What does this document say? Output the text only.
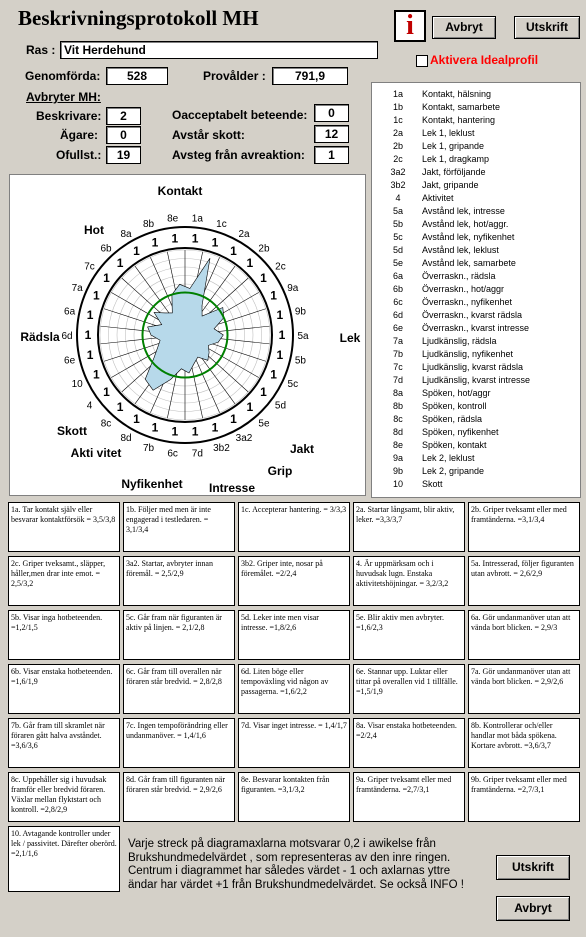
Beskrivningsprotokoll MH	i	Avbryt	Utskrift
Aktivera Idealprofil
Ras : Vit Herdehund
Genomförda:	528	Provålder :	791,9
Avbryter MH:
Beskrivare:	2
Ägare:	0
Ofullst.:	19
Oacceptabelt beteende:	0
Avstår skott:	12
Avsteg från avreaktion:	1
1a	Kontakt, hälsning
1b	Kontakt, samarbete
1c	Kontakt, hantering
2a	Lek 1, leklust
2b	Lek 1, gripande
2c	Lek 1, dragkamp
3a2	Jakt, förföljande
3b2	Jakt, gripande
4	Aktivitet
5a	Avstånd lek, intresse
5b	Avstånd lek, hot/aggr.
5c	Avstånd lek, nyfikenhet
5d	Avstånd lek, leklust
5e	Avstånd lek, samarbete
6a	Överraskn., rädsla
6b	Överraskn., hot/aggr
6c	Överraskn., nyfikenhet
6d	Överraskn., kvarst rädsla
6e	Överraskn., kvarst intresse
7a	Ljudkänslig, rädsla
7b	Ljudkänslig, nyfikenhet
7c	Ljudkänslig, kvarst rädsla
7d	Ljudkänslig, kvarst intresse
8a	Spöken, hot/aggr
8b	Spöken, kontroll
8c	Spöken, rädsla
8d	Spöken, nyfikenhet
8e	Spöken, kontakt
9a	Lek 2, leklust
9b	Lek 2, gripande
10	Skott
1 1
1
1
1
1
1
1
1
1
1
1
1
1
1
1
1
1
1
1
1
1
1
1
1
1
1
1
1 1
1a 1c
2a
2b
2c
9a
9b
5a
5b
5c
5d
5e
3a2
3b2
7d
6c
7b
8d
8c
4
10
6e
6d
6a
7a
7c
6b
8a
8b 8e
Kontakt
Lek
Jakt
Grip
Intresse
Nyfikenhet
Akti vitet
Skott
Rädsla
Hot
1a. Tar kontakt själv eller besvarar kontaktförsök = 3,5/3,8
1b. Följer med men är inte engagerad i testledaren. = 3,1/3,4
1c. Accepterar hantering. = 3/3,3	2a. Startar långsamt, blir aktiv, leker. =3,3/3,7
2b. Griper tveksamt eller med framtänderna. =3,1/3,4
2c. Griper tveksamt., släpper, håller,men drar inte emot. = 2,5/3,2
3a2. Startar, avbryter innan föremål. = 2,5/2,9
3b2. Griper inte, nosar på föremålet. =2/2,4
4. Är uppmärksam och i huvudsak lugn. Enstaka aktivitetshöjningar. = 3,2/3,2
5a. Intresserad, följer figuranten utan avbrott. = 2,6/2,9
5b. Visar inga hotbeteenden. =1,2/1,5
5c. Går fram när figuranten är aktiv på linjen. = 2,1/2,8
5d. Leker inte men visar intresse. =1,8/2,6
5e. Blir aktiv men avbryter. =1,6/2,3
6a. Gör undanmanöver utan att vända bort blicken. = 2,9/3
6b. Visar enstaka hotbeteenden. =1,6/1,9
6c. Går fram till overallen när föraren står bredvid. = 2,8/2,8
6d. Liten böge eller tempoväxling vid någon av passagerna. =1,6/2,2
6e. Stannar upp. Luktar eller tittar på overallen vid 1 tillfälle. =1,5/1,9
7a. Gör undanmanöver utan att vända bort blicken. = 2,9/2,6
7b. Går fram till skramlet när föraren gått halva avståndet. =3,6/3,6
7c. Ingen tempoförändring eller undanmanöver. = 1,4/1,6
7d. Visar inget intresse. = 1,4/1,7	8a. Visar enstaka hotbeteenden. =2/2,4
8b. Kontrollerar och/eller handlar mot båda spökena. Kortare avbrott. =3,6/3,7
8c. Uppehåller sig i huvudsak framför eller bredvid föraren. Växlar mellan flyktstart och kontroll. =2,8/2,9
8d. Går fram till figuranten när föraren står bredvid. = 2,9/2,6
8e. Besvarar kontakten från figuranten. =3,1/3,2
9a. Griper tveksamt eller med framtänderna. =2,7/3,1
9b. Griper tveksamt eller med framtänderna. =2,7/3,1
10. Avtagande kontroller under lek / passivitet. Därefter oberörd. =2,1/1,6
Varje streck på diagramaxlarna motsvarar 0,2 i awikelse från Brukshundmedelvärdet , som representeras av den inre ringen. Centrum i diagrammet har således värdet - 1 och axlarnas yttre ändar har värdet +1 från Brukshundmedelvärdet. Se också INFO !
Utskrift
Avbryt
